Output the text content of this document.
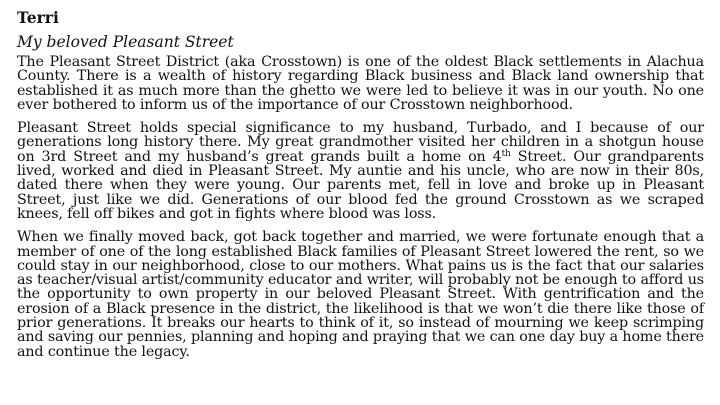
Terri
My beloved Pleasant Street

The Pleasant Street District (aka Crosstown) is one of the oldest Black settlements in Alachua County. There is a wealth of history regarding Black business and Black land ownership that established it as much more than the ghetto we were led to believe it was in our youth. No one ever bothered to inform us of the importance of our Crosstown neighborhood.

Pleasant Street holds special significance to my husband, Turbado, and I because of our generations long history there. My great grandmother visited her children in a shotgun house on 3rd Street and my husband’s great grands built a home on 4th Street. Our grandparents lived, worked and died in Pleasant Street. My auntie and his uncle, who are now in their 80s, dated there when they were young. Our parents met, fell in love and broke up in Pleasant Street, just like we did. Generations of our blood fed the ground Crosstown as we scraped knees, fell off bikes and got in fights where blood was loss.

When we finally moved back, got back together and married, we were fortunate enough that a member of one of the long established Black families of Pleasant Street lowered the rent, so we could stay in our neighborhood, close to our mothers. What pains us is the fact that our salaries as teacher/visual artist/community educator and writer, will probably not be enough to afford us the opportunity to own property in our beloved Pleasant Street. With gentrification and the erosion of a Black presence in the district, the likelihood is that we won’t die there like those of prior generations. It breaks our hearts to think of it, so instead of mourning we keep scrimping and saving our pennies, planning and hoping and praying that we can one day buy a home there and continue the legacy.
